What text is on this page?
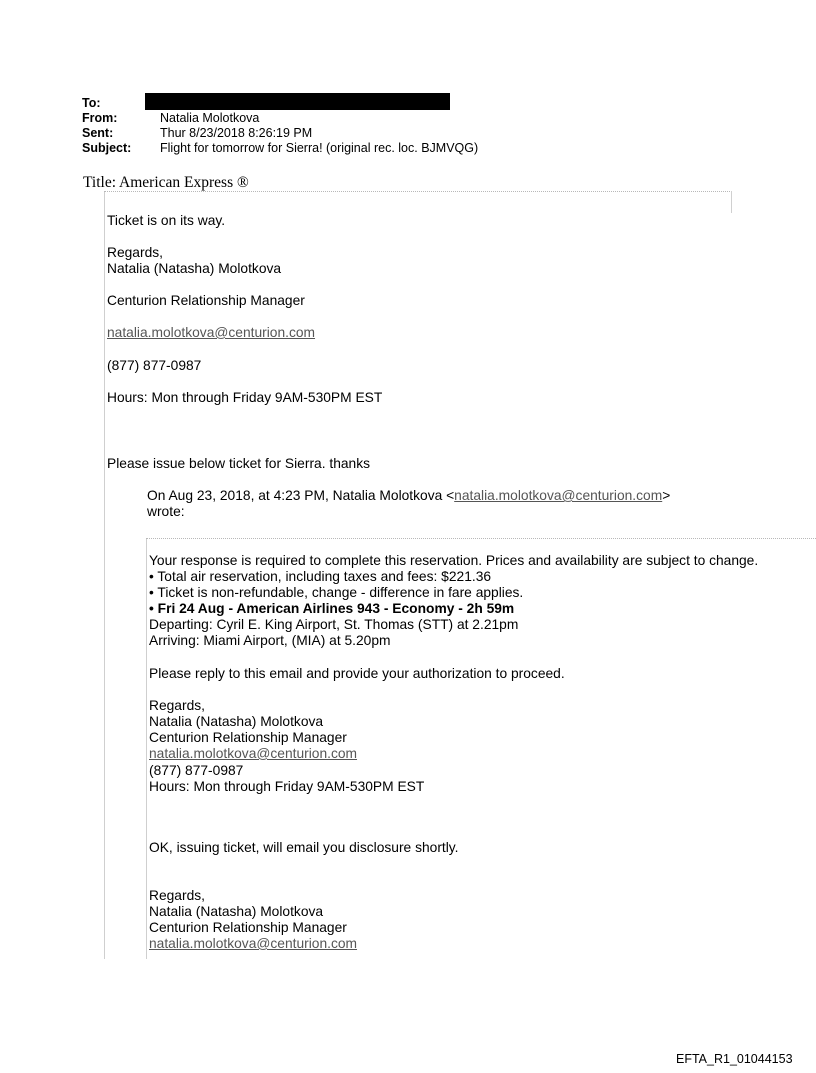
To:
From:	Natalia Molotkova
Sent:	Thur 8/23/2018 8:26:19 PM
Subject: Flight for tomorrow for Sierra! (original rec. loc. BJMVQG)
Title: American Express ®
Ticket is on its way.
Regards,
Natalia (Natasha) Molotkova
Centurion Relationship Manager
natalia.molotkova@centurion.com
(877) 877-0987
Hours: Mon through Friday 9AM-530PM EST
Please issue below ticket for Sierra. thanks
On Aug 23, 2018, at 4:23 PM, Natalia Molotkova <natalia.molotkova@centurion.com>
wrote:
Your response is required to complete this reservation. Prices and availability are subject to change.
• Total air reservation, including taxes and fees: $221.36
• Ticket is non-refundable, change - difference in fare applies.
• Fri 24 Aug - American Airlines 943 - Economy - 2h 59m
Departing: Cyril E. King Airport, St. Thomas (STT) at 2.21pm
Arriving: Miami Airport, (MIA) at 5.20pm
Please reply to this email and provide your authorization to proceed.
Regards,
Natalia (Natasha) Molotkova
Centurion Relationship Manager
natalia.molotkova@centurion.com
(877) 877-0987
Hours: Mon through Friday 9AM-530PM EST
OK, issuing ticket, will email you disclosure shortly.
Regards,
Natalia (Natasha) Molotkova
Centurion Relationship Manager
natalia.molotkova@centurion.com
EFTA_R1_01044153
